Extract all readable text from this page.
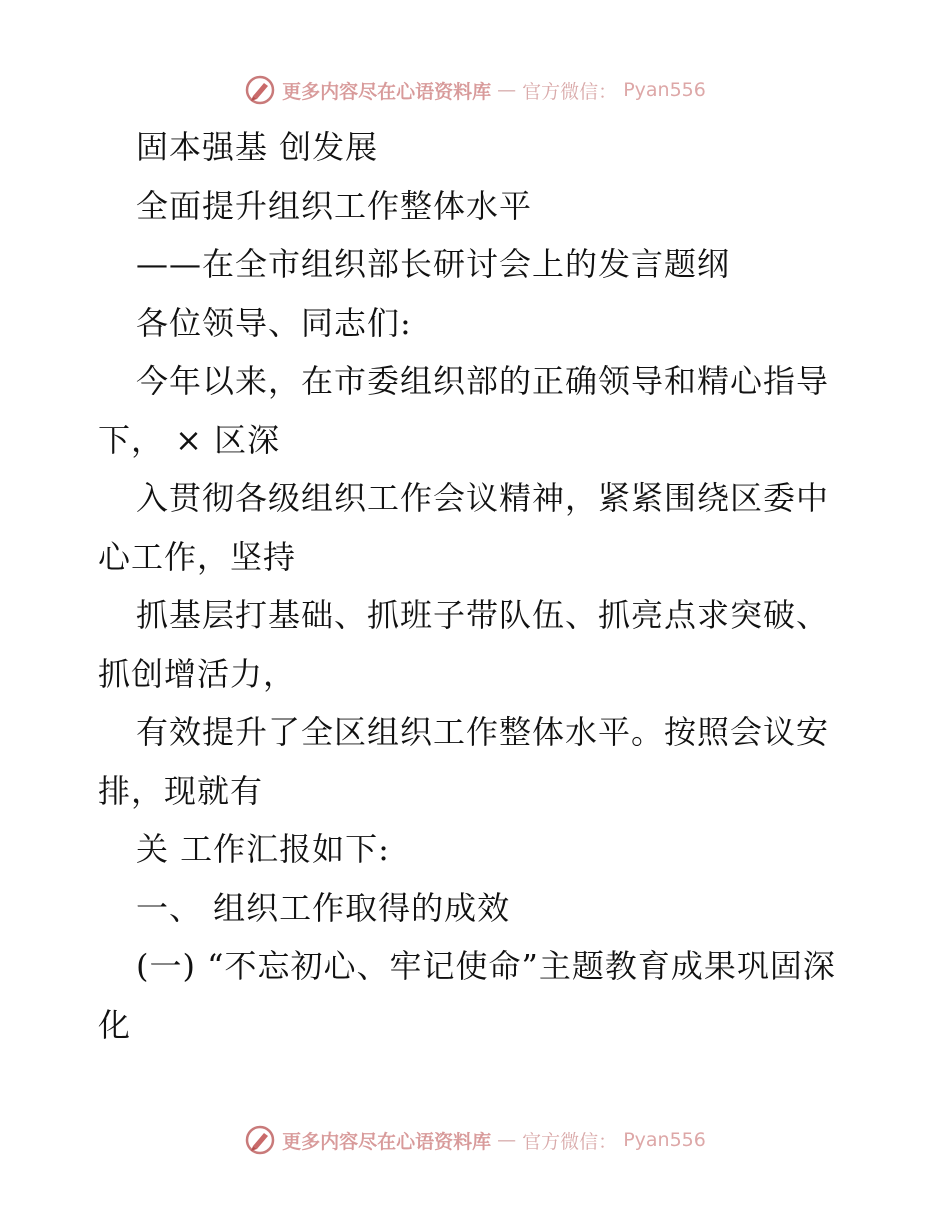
更多内容尽在心语资料库 — 官方微信： Pyan556

固本强基 创发展

全面提升组织工作整体水平

——在全市组织部长研讨会上的发言题纲

各位领导、同志们:

今年以来，在市委组织部的正确领导和精心指导下， × 区深

入贯彻各级组织工作会议精神，紧紧围绕区委中心工作，坚持

抓基层打基础、抓班子带队伍、抓亮点求突破、抓创增活力，

有效提升了全区组织工作整体水平。按照会议安排，现就有

关 工作汇报如下:

一、 组织工作取得的成效

(一) “不忘初心、牢记使命”主题教育成果巩固深化

更多内容尽在心语资料库 — 官方微信： Pyan556
